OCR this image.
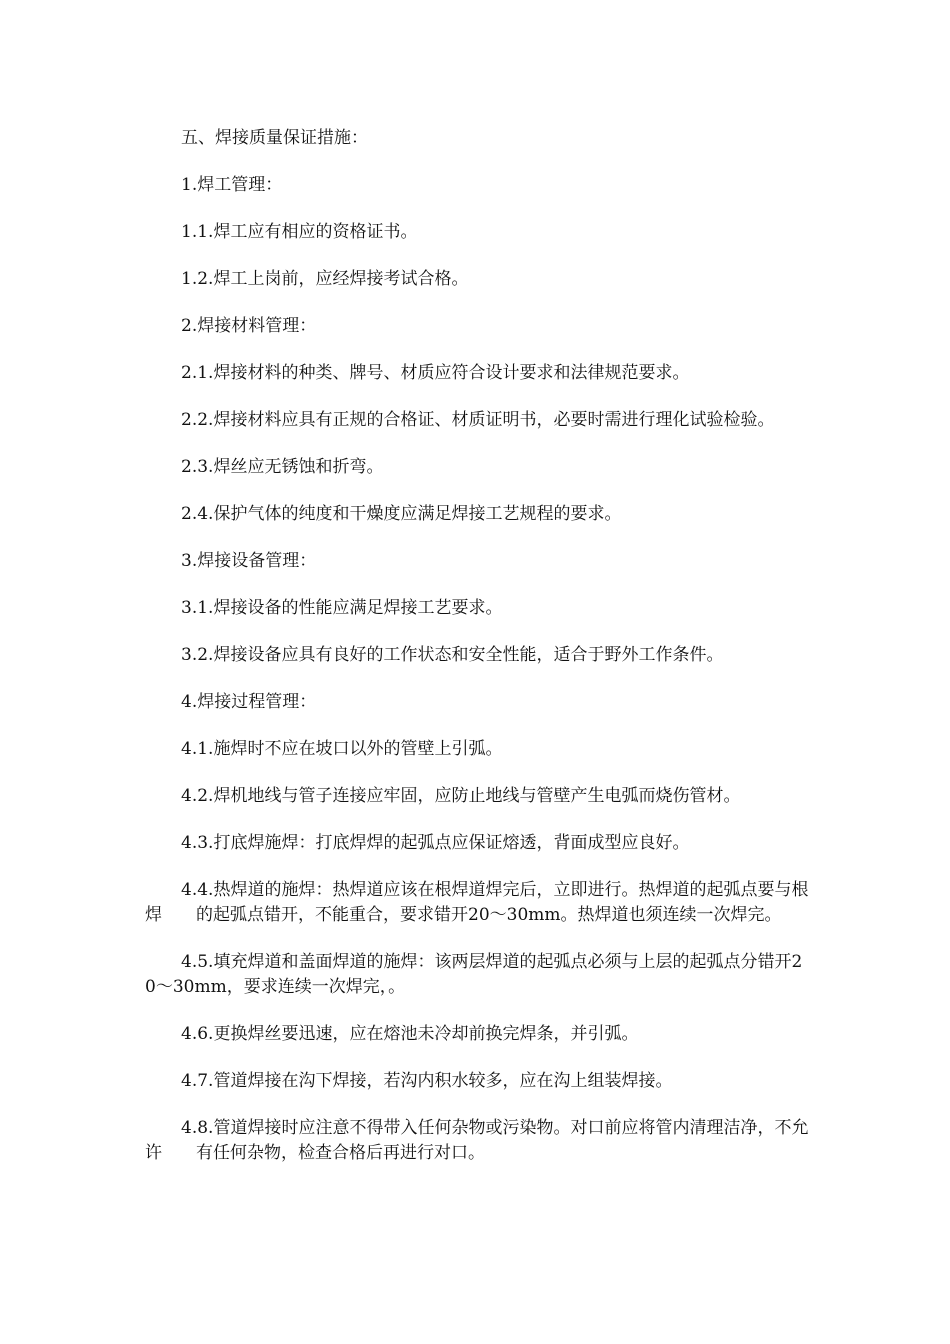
五、焊接质量保证措施：

1.焊工管理：

1.1.焊工应有相应的资格证书。

1.2.焊工上岗前，应经焊接考试合格。

2.焊接材料管理：

2.1.焊接材料的种类、牌号、材质应符合设计要求和法律规范要求。

2.2.焊接材料应具有正规的合格证、材质证明书，必要时需进行理化试验检验。

2.3.焊丝应无锈蚀和折弯。

2.4.保护气体的纯度和干燥度应满足焊接工艺规程的要求。

3.焊接设备管理：

3.1.焊接设备的性能应满足焊接工艺要求。

3.2.焊接设备应具有良好的工作状态和安全性能，适合于野外工作条件。

4.焊接过程管理：

4.1.施焊时不应在坡口以外的管壁上引弧。

4.2.焊机地线与管子连接应牢固，应防止地线与管壁产生电弧而烧伤管材。

4.3.打底焊施焊：打底焊焊的起弧点应保证熔透，背面成型应良好。

4.4.热焊道的施焊：热焊道应该在根焊道焊完后，立即进行。热焊道的起弧点要与根焊　　的起弧点错开，不能重合，要求错开20～30mm。热焊道也须连续一次焊完。

4.5.填充焊道和盖面焊道的施焊：该两层焊道的起弧点必须与上层的起弧点分错开20～30mm，要求连续一次焊完，。

4.6.更换焊丝要迅速，应在熔池未冷却前换完焊条，并引弧。

4.7.管道焊接在沟下焊接，若沟内积水较多，应在沟上组装焊接。

4.8.管道焊接时应注意不得带入任何杂物或污染物。对口前应将管内清理洁净，不允许　　有任何杂物，检查合格后再进行对口。
